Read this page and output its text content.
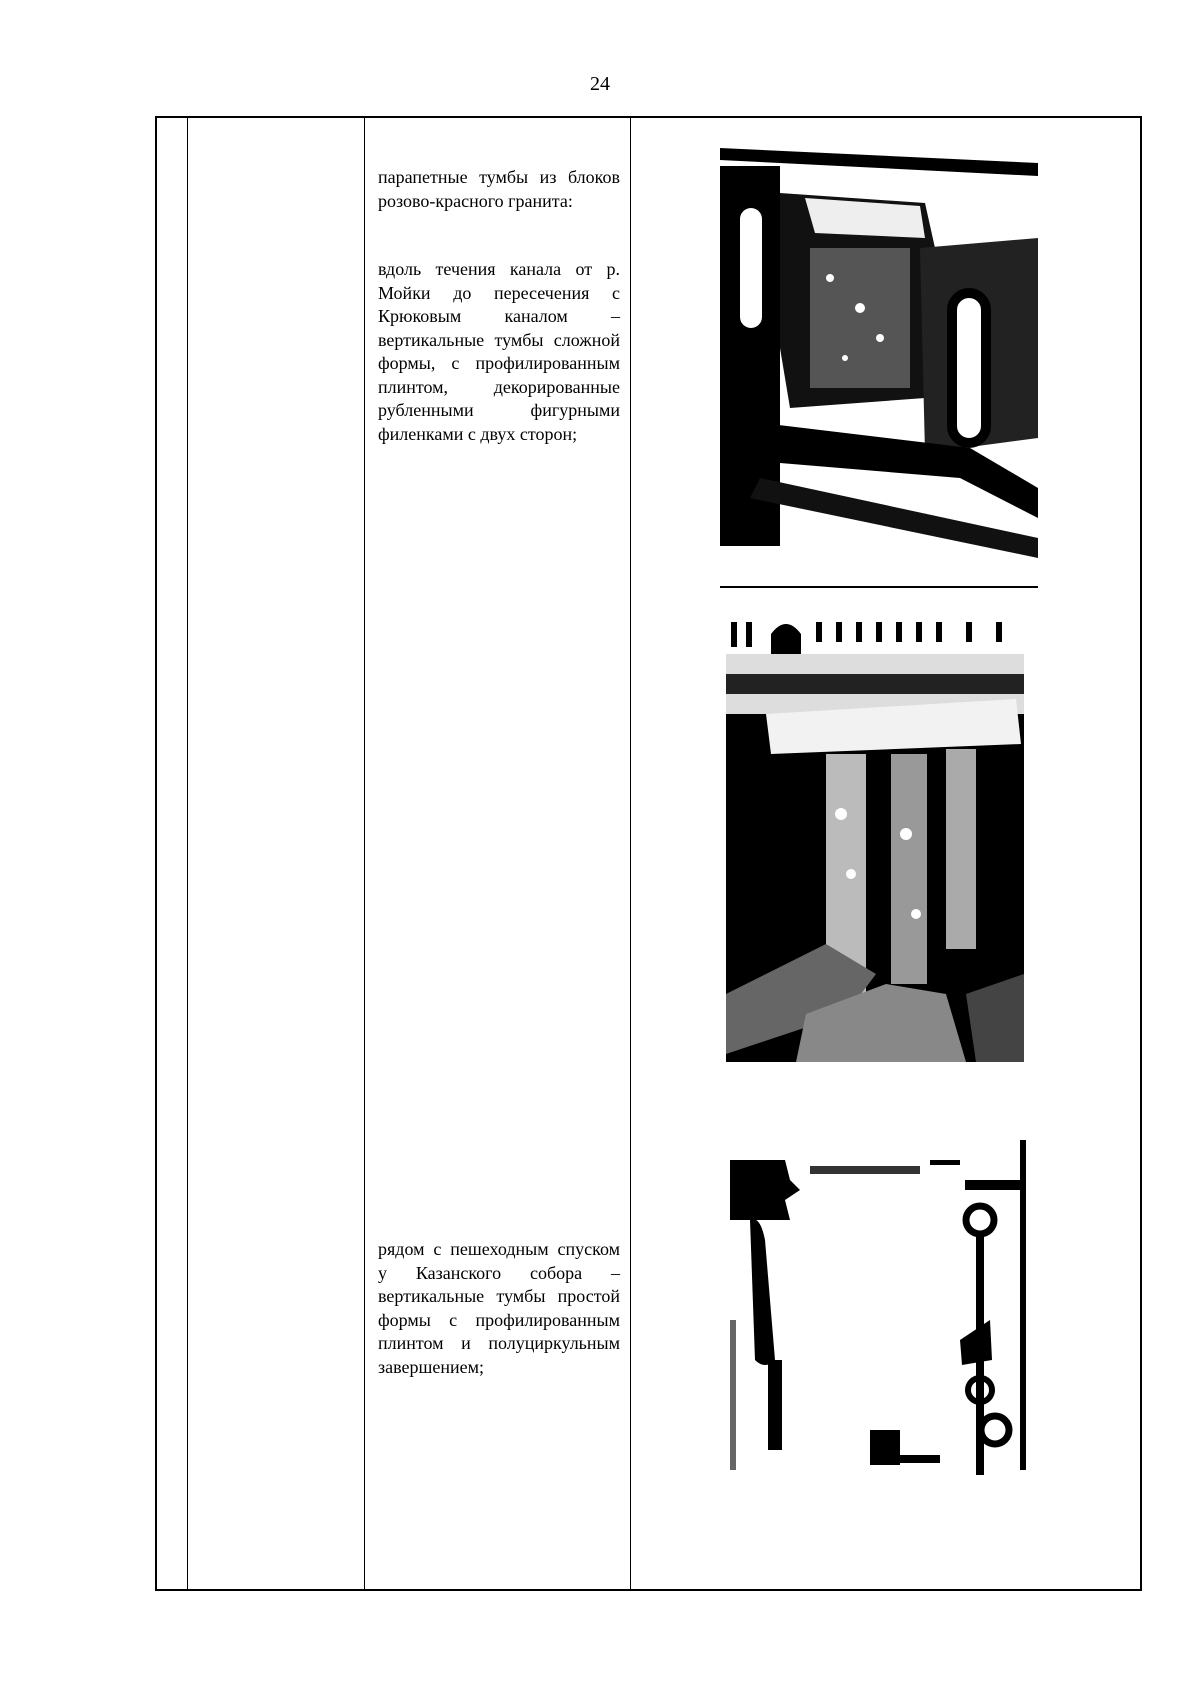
24

парапетные тумбы из блоков розово-красного гранита:

вдоль течения канала от р. Мойки до пересечения с Крюковым каналом – вертикальные тумбы сложной формы, с профилированным плинтом, декорированные рубленными фигурными филенками с двух сторон;

рядом с пешеходным спуском у Казанского собора – вертикальные тумбы простой формы с профилированным плинтом и полуциркульным завершением;
